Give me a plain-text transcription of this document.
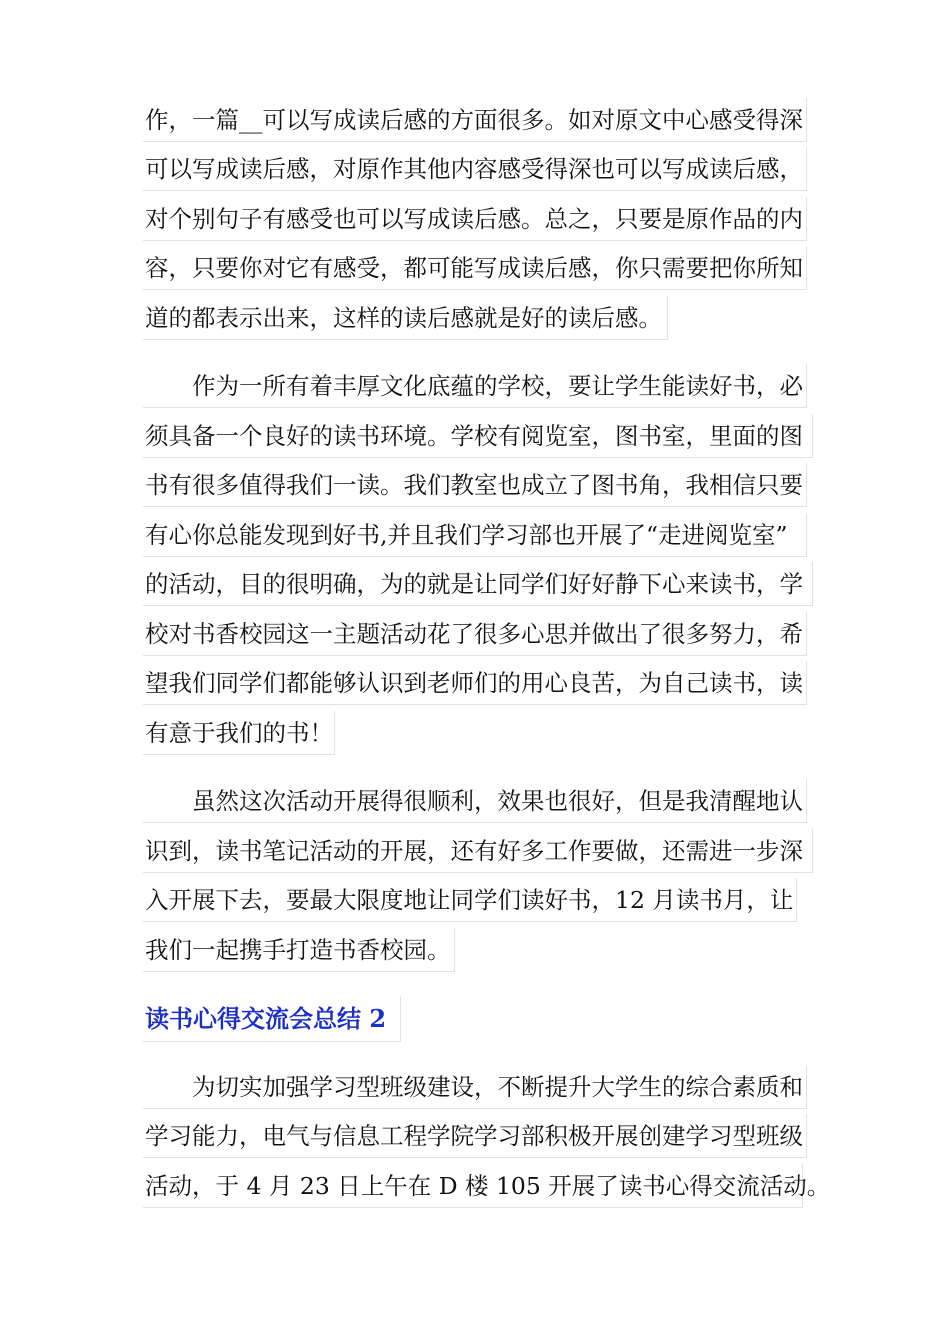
作，一篇__可以写成读后感的方面很多。如对原文中心感受得深
可以写成读后感，对原作其他内容感受得深也可以写成读后感，
对个别句子有感受也可以写成读后感。总之，只要是原作品的内
容，只要你对它有感受，都可能写成读后感，你只需要把你所知
道的都表示出来，这样的读后感就是好的读后感。
　　作为一所有着丰厚文化底蕴的学校，要让学生能读好书，必
须具备一个良好的读书环境。学校有阅览室，图书室，里面的图
书有很多值得我们一读。我们教室也成立了图书角，我相信只要
有心你总能发现到好书,并且我们学习部也开展了“走进阅览室”
的活动，目的很明确，为的就是让同学们好好静下心来读书，学
校对书香校园这一主题活动花了很多心思并做出了很多努力，希
望我们同学们都能够认识到老师们的用心良苦，为自己读书，读
有意于我们的书！
　　虽然这次活动开展得很顺利，效果也很好，但是我清醒地认
识到，读书笔记活动的开展，还有好多工作要做，还需进一步深
入开展下去，要最大限度地让同学们读好书，12 月读书月，让
我们一起携手打造书香校园。
读书心得交流会总结 2
　　为切实加强学习型班级建设，不断提升大学生的综合素质和
学习能力，电气与信息工程学院学习部积极开展创建学习型班级
活动，于 4 月 23 日上午在 D 楼 105 开展了读书心得交流活动。
